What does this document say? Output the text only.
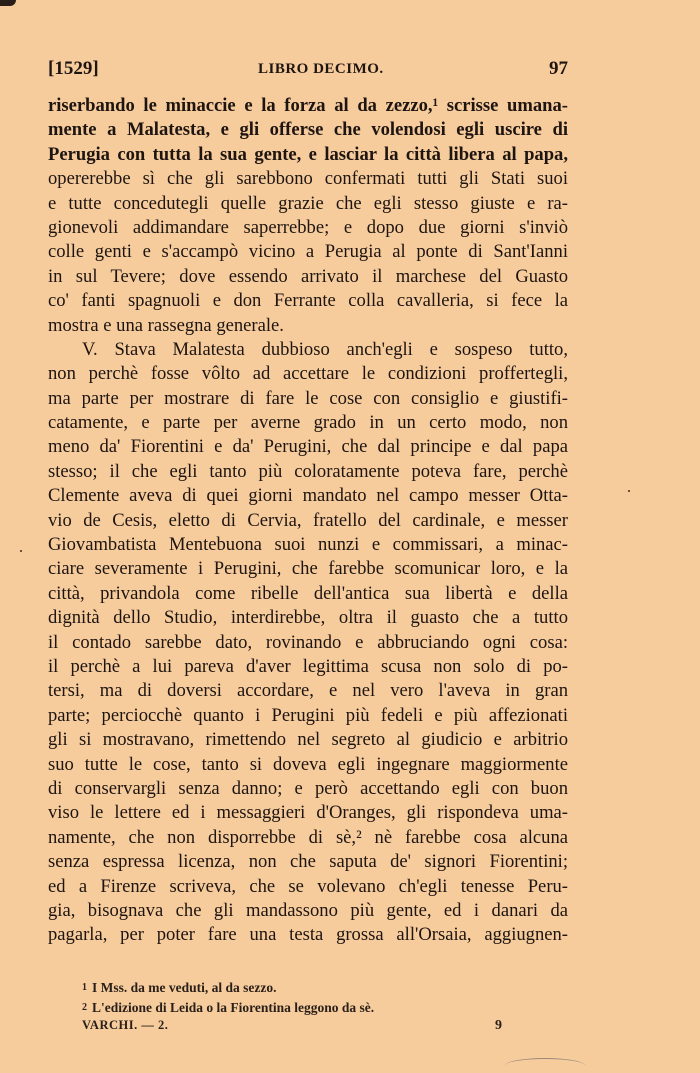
[1529]	LIBRO DECIMO.	97
riserbando le minaccie e la forza al da zezzo,¹ scrisse umana-
mente a Malatesta, e gli offerse che volendosi egli uscire di
Perugia con tutta la sua gente, e lasciar la città libera al papa,
opererebbe sì che gli sarebbono confermati tutti gli Stati suoi
e tutte concedutegli quelle grazie che egli stesso giuste e ra-
gionevoli addimandare saperrebbe; e dopo due giorni s'inviò
colle genti e s'accampò vicino a Perugia al ponte di Sant'Ianni
in sul Tevere; dove essendo arrivato il marchese del Guasto
co' fanti spagnuoli e don Ferrante colla cavalleria, si fece la
mostra e una rassegna generale.
V. Stava Malatesta dubbioso anch'egli e sospeso tutto,
non perchè fosse vôlto ad accettare le condizioni proffertegli,
ma parte per mostrare di fare le cose con consiglio e giustifi-
catamente, e parte per averne grado in un certo modo, non
meno da' Fiorentini e da' Perugini, che dal principe e dal papa
stesso; il che egli tanto più coloratamente poteva fare, perchè
Clemente aveva di quei giorni mandato nel campo messer Otta-
vio de Cesis, eletto di Cervia, fratello del cardinale, e messer
Giovambatista Mentebuona suoi nunzi e commissari, a minac-
ciare severamente i Perugini, che farebbe scomunicar loro, e la
città, privandola come ribelle dell'antica sua libertà e della
dignità dello Studio, interdirebbe, oltra il guasto che a tutto
il contado sarebbe dato, rovinando e abbruciando ogni cosa:
il perchè a lui pareva d'aver legittima scusa non solo di po-
tersi, ma di doversi accordare, e nel vero l'aveva in gran
parte; perciocchè quanto i Perugini più fedeli e più affezionati
gli si mostravano, rimettendo nel segreto al giudicio e arbitrio
suo tutte le cose, tanto si doveva egli ingegnare maggiormente
di conservargli senza danno; e però accettando egli con buon
viso le lettere ed i messaggieri d'Oranges, gli rispondeva uma-
namente, che non disporrebbe di sè,² nè farebbe cosa alcuna
senza espressa licenza, non che saputa de' signori Fiorentini;
ed a Firenze scriveva, che se volevano ch'egli tenesse Peru-
gia, bisognava che gli mandassono più gente, ed i danari da
pagarla, per poter fare una testa grossa all'Orsaia, aggiugnen-
$^1$ I Mss. da me veduti, al da sezzo.
$^2$ L'edizione di Leida o la Fiorentina leggono da sè.
VARCHI. — 2.	9
